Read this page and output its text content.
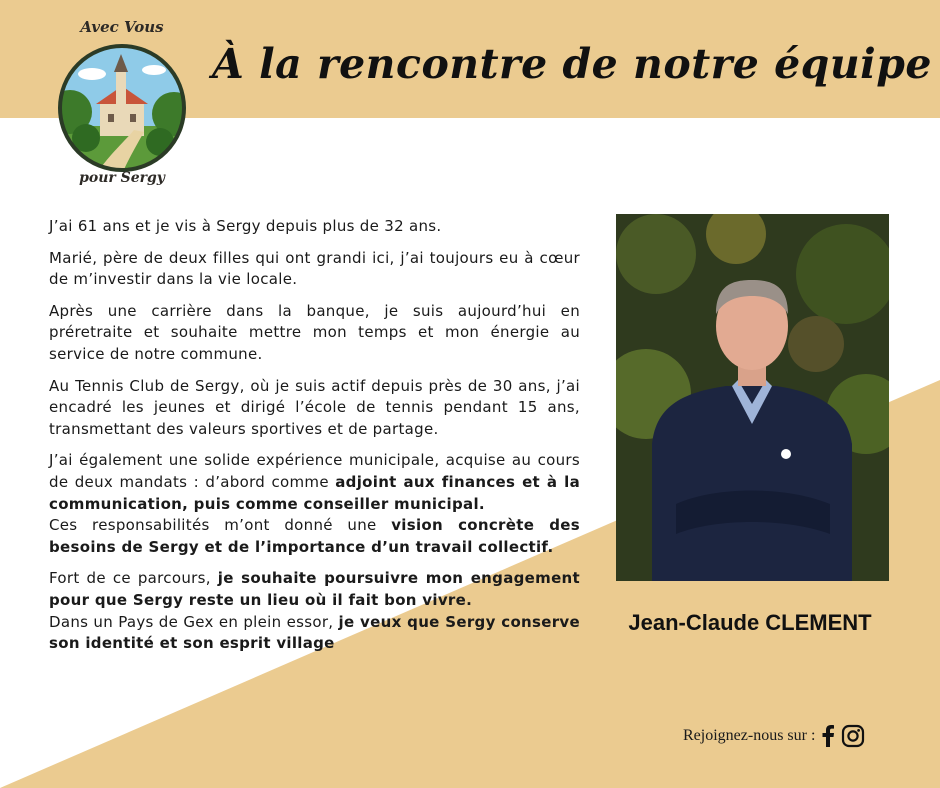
Avec Vous
pour Sergy
À la rencontre de notre équipe

J’ai 61 ans et je vis à Sergy depuis plus de 32 ans.

Marié, père de deux filles qui ont grandi ici, j’ai toujours eu à cœur de m’investir dans la vie locale.

Après une carrière dans la banque, je suis aujourd’hui en préretraite et souhaite mettre mon temps et mon énergie au service de notre commune.

Au Tennis Club de Sergy, où je suis actif depuis près de 30 ans, j’ai encadré les jeunes et dirigé l’école de tennis pendant 15 ans, transmettant des valeurs sportives et de partage.

J’ai également une solide expérience municipale, acquise au cours de deux mandats : d’abord comme adjoint aux finances et à la communication, puis comme conseiller municipal.

Ces responsabilités m’ont donné une vision concrète des besoins de Sergy et de l’importance d’un travail collectif.

Fort de ce parcours, je souhaite poursuivre mon engagement pour que Sergy reste un lieu où il fait bon vivre.

Dans un Pays de Gex en plein essor, je veux que Sergy conserve son identité et son esprit village

Jean-Claude CLEMENT
Rejoignez-nous sur :
